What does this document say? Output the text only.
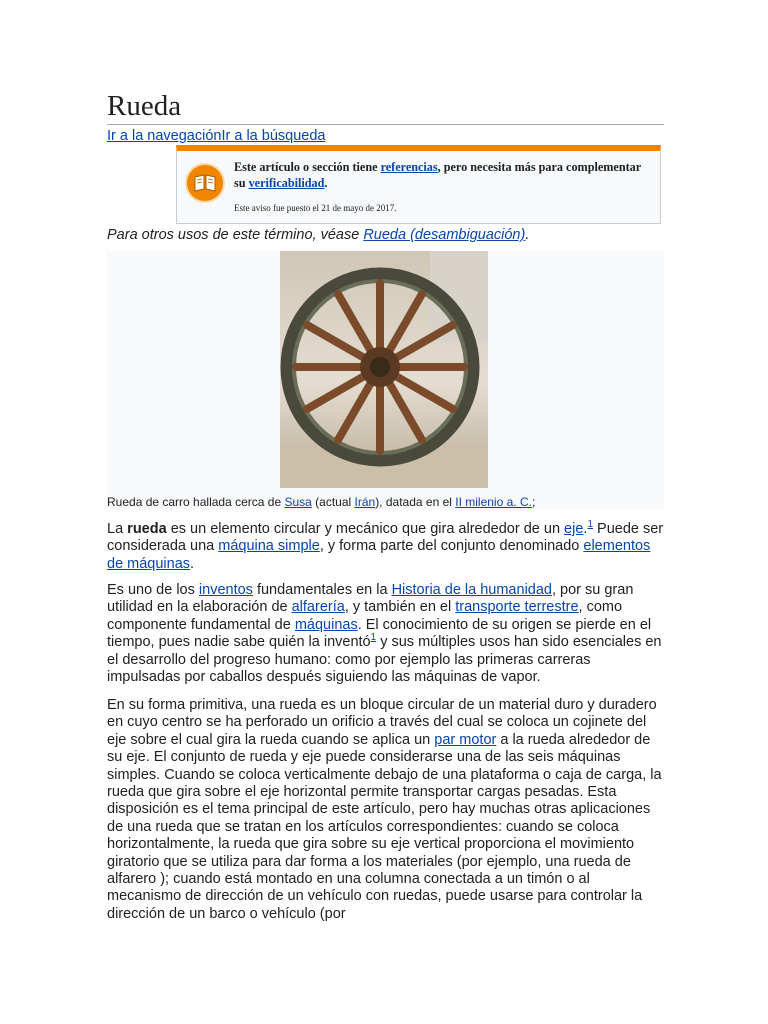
Rueda
Ir a la navegaciónIr a la búsqueda
Este artículo o sección tiene referencias, pero necesita más para complementar su verificabilidad.
Este aviso fue puesto el 21 de mayo de 2017.
Para otros usos de este término, véase Rueda (desambiguación).
Rueda de carro hallada cerca de Susa (actual Irán), datada en el II milenio a. C.;

La rueda es un elemento circular y mecánico que gira alrededor de un eje.$^1$ Puede ser considerada una máquina simple, y forma parte del conjunto denominado elementos de máquinas.

Es uno de los inventos fundamentales en la Historia de la humanidad, por su gran utilidad en la elaboración de alfarería, y también en el transporte terrestre, como componente fundamental de máquinas. El conocimiento de su origen se pierde en el tiempo, pues nadie sabe quién la inventó$^1$ y sus múltiples usos han sido esenciales en el desarrollo del progreso humano: como por ejemplo las primeras carreras impulsadas por caballos después siguiendo las máquinas de vapor.

En su forma primitiva, una rueda es un bloque circular de un material duro y duradero en cuyo centro se ha perforado un orificio a través del cual se coloca un cojinete del eje sobre el cual gira la rueda cuando se aplica un par motor a la rueda alrededor de su eje. El conjunto de rueda y eje puede considerarse una de las seis máquinas simples. Cuando se coloca verticalmente debajo de una plataforma o caja de carga, la rueda que gira sobre el eje horizontal permite transportar cargas pesadas. Esta disposición es el tema principal de este artículo, pero hay muchas otras aplicaciones de una rueda que se tratan en los artículos correspondientes: cuando se coloca horizontalmente, la rueda que gira sobre su eje vertical proporciona el movimiento giratorio que se utiliza para dar forma a los materiales (por ejemplo, una rueda de alfarero ); cuando está montado en una columna conectada a un timón o al mecanismo de dirección de un vehículo con ruedas, puede usarse para controlar la dirección de un barco o vehículo (por
